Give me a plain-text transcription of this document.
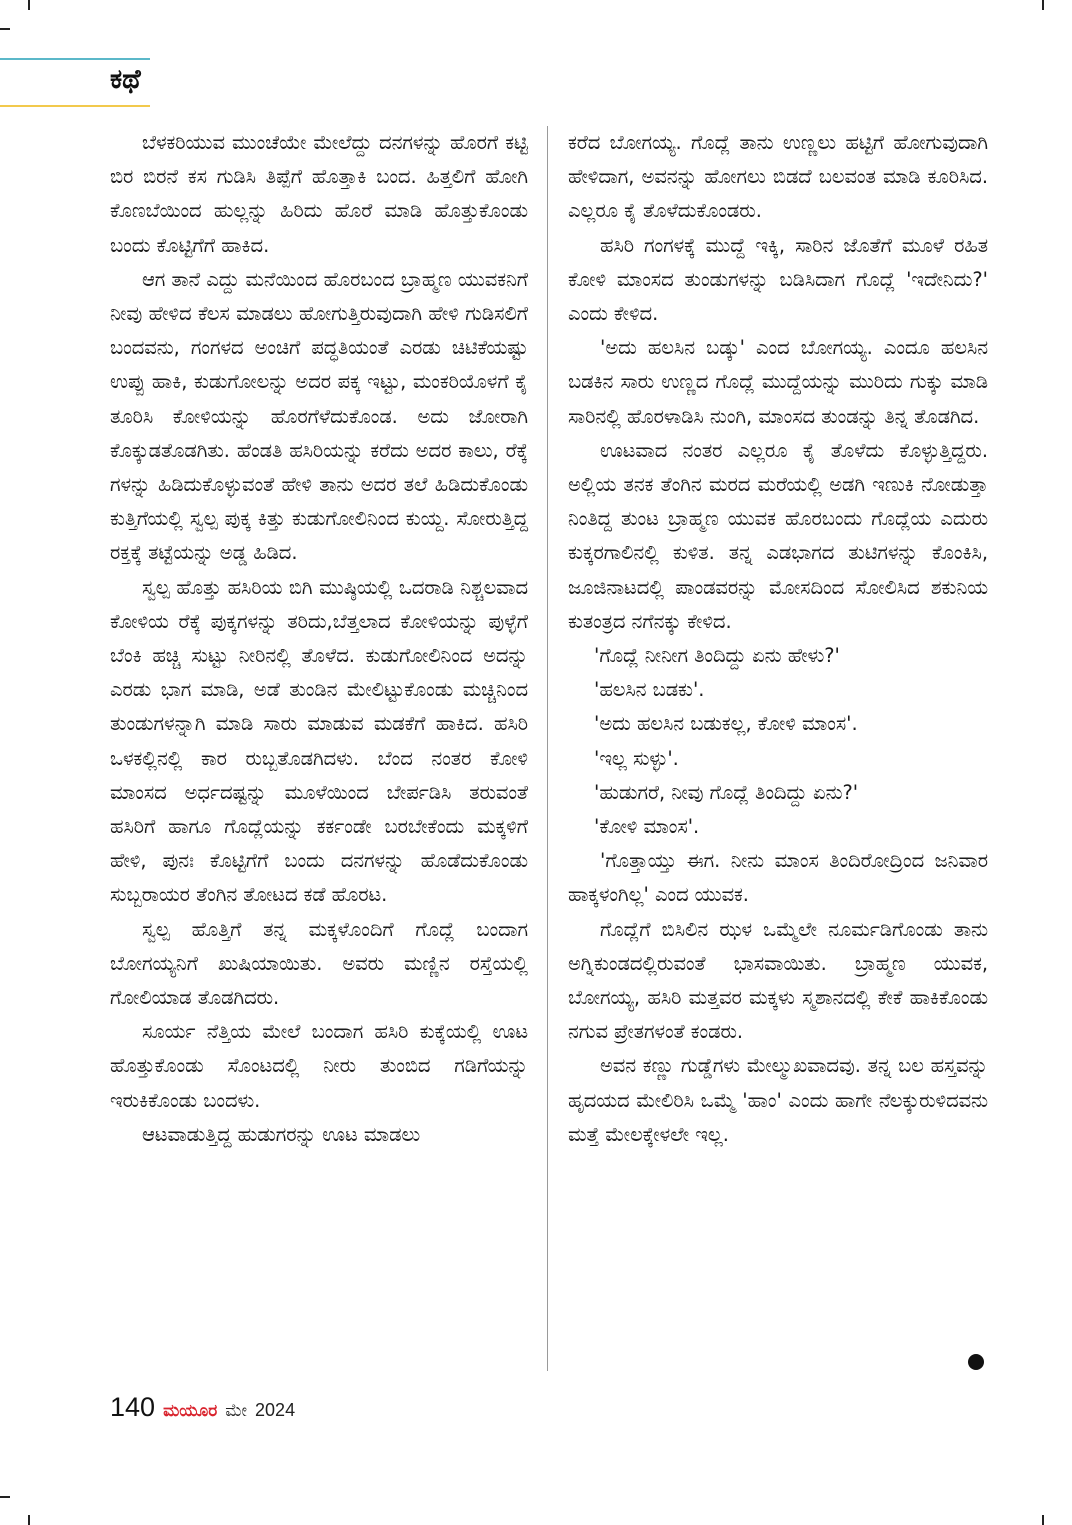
ಕಥೆ

ಬೆಳಕರಿಯುವ ಮುಂಚೆಯೇ ಮೇಲೆದ್ದು ದನಗಳನ್ನು ಹೊರಗೆ ಕಟ್ಟಿ ಬಿರ ಬಿರನೆ ಕಸ ಗುಡಿಸಿ ತಿಪ್ಪೆಗೆ ಹೊತ್ತಾಕಿ ಬಂದ. ಹಿತ್ತಲಿಗೆ ಹೋಗಿ ಕೊಣಬೆಯಿಂದ ಹುಲ್ಲನ್ನು ಹಿರಿದು ಹೊರೆ ಮಾಡಿ ಹೊತ್ತುಕೊಂಡು ಬಂದು ಕೊಟ್ಟಿಗೆಗೆ ಹಾಕಿದ.

ಆಗ ತಾನೆ ಎದ್ದು ಮನೆಯಿಂದ ಹೊರಬಂದ ಬ್ರಾಹ್ಮಣ ಯುವಕನಿಗೆ ನೀವು ಹೇಳಿದ ಕೆಲಸ ಮಾಡಲು ಹೋಗುತ್ತಿರುವುದಾಗಿ ಹೇಳಿ ಗುಡಿಸಲಿಗೆ ಬಂದವನು, ಗಂಗಳದ ಅಂಚಿಗೆ ಪದ್ಧತಿಯಂತೆ ಎರಡು ಚಿಟಿಕೆಯಷ್ಟು ಉಪ್ಪು ಹಾಕಿ, ಕುಡುಗೋಲನ್ನು ಅದರ ಪಕ್ಕ ಇಟ್ಟು, ಮಂಕರಿಯೊಳಗೆ ಕೈ ತೂರಿಸಿ ಕೋಳಿಯನ್ನು ಹೊರಗೆಳೆದುಕೊಂಡ. ಅದು ಜೋರಾಗಿ ಕೊಕ್ಕುಡತೊಡಗಿತು. ಹೆಂಡತಿ ಹಸಿರಿಯನ್ನು ಕರೆದು ಅದರ ಕಾಲು, ರೆಕ್ಕೆ ಗಳನ್ನು ಹಿಡಿದುಕೊಳ್ಳುವಂತೆ ಹೇಳಿ ತಾನು ಅದರ ತಲೆ ಹಿಡಿದುಕೊಂಡು ಕುತ್ತಿಗೆಯಲ್ಲಿ ಸ್ವಲ್ಪ ಪುಕ್ಕ ಕಿತ್ತು ಕುಡುಗೋಲಿನಿಂದ ಕುಯ್ದ. ಸೋರುತ್ತಿದ್ದ ರಕ್ತಕ್ಕೆ ತಟ್ಟೆಯನ್ನು ಅಡ್ಡ ಹಿಡಿದ.

ಸ್ವಲ್ಪ ಹೊತ್ತು ಹಸಿರಿಯ ಬಿಗಿ ಮುಷ್ಠಿಯಲ್ಲಿ ಒದರಾಡಿ ನಿಶ್ಚಲವಾದ ಕೋಳಿಯ ರೆಕ್ಕೆ ಪುಕ್ಕಗಳನ್ನು ತರಿದು,ಬೆತ್ತಲಾದ ಕೋಳಿಯನ್ನು ಪುಳ್ಳೆಗೆ ಬೆಂಕಿ ಹಚ್ಚಿ ಸುಟ್ಟು ನೀರಿನಲ್ಲಿ ತೊಳೆದ. ಕುಡುಗೋಲಿನಿಂದ ಅದನ್ನು ಎರಡು ಭಾಗ ಮಾಡಿ, ಅಡೆ ತುಂಡಿನ ಮೇಲಿಟ್ಟುಕೊಂಡು ಮಚ್ಚಿನಿಂದ ತುಂಡುಗಳನ್ನಾಗಿ ಮಾಡಿ ಸಾರು ಮಾಡುವ ಮಡಕೆಗೆ ಹಾಕಿದ. ಹಸಿರಿ ಒಳಕಲ್ಲಿನಲ್ಲಿ ಕಾರ ರುಬ್ಬತೊಡಗಿದಳು. ಬೆಂದ ನಂತರ ಕೋಳಿ ಮಾಂಸದ ಅರ್ಧದಷ್ಟನ್ನು ಮೂಳೆಯಿಂದ ಬೇರ್ಪಡಿಸಿ ತರುವಂತೆ ಹಸಿರಿಗೆ ಹಾಗೂ ಗೊದ್ಲೆಯನ್ನು ಕರ್ಕಂಡೇ ಬರಬೇಕೆಂದು ಮಕ್ಕಳಿಗೆ ಹೇಳಿ, ಪುನಃ ಕೊಟ್ಟಿಗೆಗೆ ಬಂದು ದನಗಳನ್ನು ಹೊಡೆದುಕೊಂಡು ಸುಬ್ಬರಾಯರ ತೆಂಗಿನ ತೋಟದ ಕಡೆ ಹೊರಟ.

ಸ್ವಲ್ಪ ಹೊತ್ತಿಗೆ ತನ್ನ ಮಕ್ಕಳೊಂದಿಗೆ ಗೊದ್ಲೆ ಬಂದಾಗ ಬೋಗಯ್ಯನಿಗೆ ಖುಷಿಯಾಯಿತು. ಅವರು ಮಣ್ಣಿನ ರಸ್ತೆಯಲ್ಲಿ ಗೋಲಿಯಾಡ ತೊಡಗಿದರು.

ಸೂರ್ಯ ನೆತ್ತಿಯ ಮೇಲೆ ಬಂದಾಗ ಹಸಿರಿ ಕುಕ್ಕೆಯಲ್ಲಿ ಊಟ ಹೊತ್ತುಕೊಂಡು ಸೊಂಟದಲ್ಲಿ ನೀರು ತುಂಬಿದ ಗಡಿಗೆಯನ್ನು ಇರುಕಿಕೊಂಡು ಬಂದಳು.

ಆಟವಾಡುತ್ತಿದ್ದ ಹುಡುಗರನ್ನು ಊಟ ಮಾಡಲು

ಕರೆದ ಬೋಗಯ್ಯ. ಗೊದ್ಲೆ ತಾನು ಉಣ್ಣಲು ಹಟ್ಟಿಗೆ ಹೋಗುವುದಾಗಿ ಹೇಳಿದಾಗ, ಅವನನ್ನು ಹೋಗಲು ಬಿಡದೆ ಬಲವಂತ ಮಾಡಿ ಕೂರಿಸಿದ. ಎಲ್ಲರೂ ಕೈ ತೊಳೆದುಕೊಂಡರು.

ಹಸಿರಿ ಗಂಗಳಕ್ಕೆ ಮುದ್ದೆ ಇಕ್ಕಿ, ಸಾರಿನ ಜೊತೆಗೆ ಮೂಳೆ ರಹಿತ ಕೋಳಿ ಮಾಂಸದ ತುಂಡುಗಳನ್ನು ಬಡಿಸಿದಾಗ ಗೊದ್ಲೆ 'ಇದೇನಿದು?' ಎಂದು ಕೇಳಿದ.

'ಅದು ಹಲಸಿನ ಬಡ್ಕು' ಎಂದ ಬೋಗಯ್ಯ. ಎಂದೂ ಹಲಸಿನ ಬಡಕಿನ ಸಾರು ಉಣ್ಣದ ಗೊದ್ಲೆ ಮುದ್ದೆಯನ್ನು ಮುರಿದು ಗುಕ್ಕು ಮಾಡಿ ಸಾರಿನಲ್ಲಿ ಹೊರಳಾಡಿಸಿ ನುಂಗಿ, ಮಾಂಸದ ತುಂಡನ್ನು ತಿನ್ನ ತೊಡಗಿದ.

ಊಟವಾದ ನಂತರ ಎಲ್ಲರೂ ಕೈ ತೊಳೆದು ಕೊಳ್ಳುತ್ತಿದ್ದರು. ಅಲ್ಲಿಯ ತನಕ ತೆಂಗಿನ ಮರದ ಮರೆಯಲ್ಲಿ ಅಡಗಿ ಇಣುಕಿ ನೋಡುತ್ತಾ ನಿಂತಿದ್ದ ತುಂಟ ಬ್ರಾಹ್ಮಣ ಯುವಕ ಹೊರಬಂದು ಗೊದ್ಲೆಯ ಎದುರು ಕುಕ್ಕರಗಾಲಿನಲ್ಲಿ ಕುಳಿತ. ತನ್ನ ಎಡಭಾಗದ ತುಟಿಗಳನ್ನು ಕೊಂಕಿಸಿ, ಜೂಜಿನಾಟದಲ್ಲಿ ಪಾಂಡವರನ್ನು ಮೋಸದಿಂದ ಸೋಲಿಸಿದ ಶಕುನಿಯ ಕುತಂತ್ರದ ನಗೆನಕ್ಕು ಕೇಳಿದ.

'ಗೊದ್ಲೆ ನೀನೀಗ ತಿಂದಿದ್ದು ಏನು ಹೇಳು?'

'ಹಲಸಿನ ಬಡಕು'.

'ಅದು ಹಲಸಿನ ಬಡುಕಲ್ಲ, ಕೋಳಿ ಮಾಂಸ'.

'ಇಲ್ಲ ಸುಳ್ಳು'.

'ಹುಡುಗರೆ, ನೀವು ಗೊದ್ಲೆ ತಿಂದಿದ್ದು ಏನು?'

'ಕೋಳಿ ಮಾಂಸ'.

'ಗೊತ್ತಾಯ್ತು ಈಗ. ನೀನು ಮಾಂಸ ತಿಂದಿರೋದ್ರಿಂದ ಜನಿವಾರ ಹಾಕ್ಕಳಂಗಿಲ್ಲ' ಎಂದ ಯುವಕ.

ಗೊದ್ಲೆಗೆ ಬಿಸಿಲಿನ ಝಳ ಒಮ್ಮೆಲೇ ನೂರ್ಮಡಿಗೊಂಡು ತಾನು ಅಗ್ನಿಕುಂಡದಲ್ಲಿರುವಂತೆ ಭಾಸವಾಯಿತು. ಬ್ರಾಹ್ಮಣ ಯುವಕ, ಬೋಗಯ್ಯ, ಹಸಿರಿ ಮತ್ತವರ ಮಕ್ಕಳು ಸ್ಮಶಾನದಲ್ಲಿ ಕೇಕೆ ಹಾಕಿಕೊಂಡು ನಗುವ ಪ್ರೇತಗಳಂತೆ ಕಂಡರು.

ಅವನ ಕಣ್ಣು ಗುಡ್ಡೆಗಳು ಮೇಲ್ಮುಖವಾದವು. ತನ್ನ ಬಲ ಹಸ್ತವನ್ನು ಹೃದಯದ ಮೇಲಿರಿಸಿ ಒಮ್ಮೆ 'ಹಾಂ' ಎಂದು ಹಾಗೇ ನೆಲಕ್ಕುರುಳಿದವನು ಮತ್ತೆ ಮೇಲಕ್ಕೇಳಲೇ ಇಲ್ಲ.

140 ಮಯೂರ ಮೇ 2024
